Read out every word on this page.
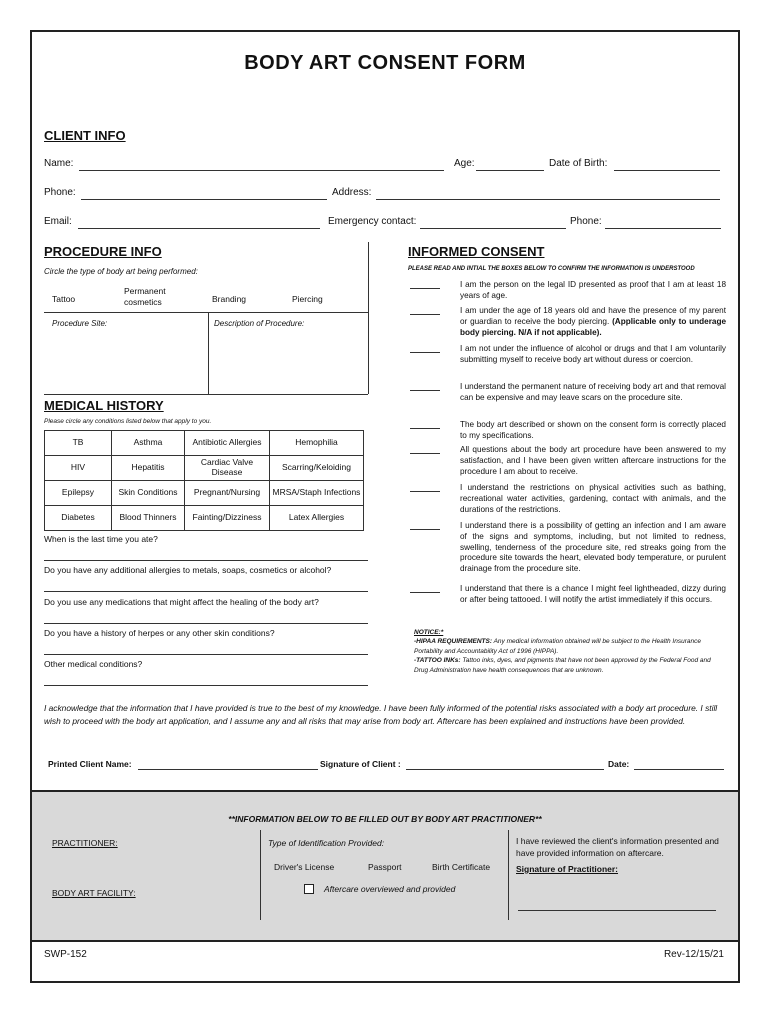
BODY ART CONSENT FORM
CLIENT INFO
Name:	Age:	Date of Birth:
Phone:	Address:
Email:	Emergency contact:	Phone:
PROCEDURE INFO
Circle the type of body art being performed:
Tattoo
Permanent cosmetics	Branding	Piercing
Procedure Site:	Description of Procedure:
MEDICAL HISTORY
Please circle any conditions listed below that apply to you.
TB	Asthma	Antibiotic Allergies	Hemophilia
HIV	Hepatitis	Cardiac Valve Disease	Scarring/Keloiding
Epilepsy	Skin Conditions	Pregnant/Nursing	MRSA/Staph Infections
Diabetes	Blood Thinners	Fainting/Dizziness	Latex Allergies
When is the last time you ate?
Do you have any additional allergies to metals, soaps, cosmetics or alcohol?
Do you use any medications that might affect the healing of the body art?
Do you have a history of herpes or any other skin conditions?
Other medical conditions?
INFORMED CONSENT
PLEASE READ AND INTIAL THE BOXES BELOW TO CONFIRM THE INFORMATION IS UNDERSTOOD
I am the person on the legal ID presented as proof that I am at least 18 years of age.
I am under the age of 18 years old and have the presence of my parent or guardian to receive the body piercing. (Applicable only to underage body piercing. N/A if not applicable).
I am not under the influence of alcohol or drugs and that I am voluntarily submitting myself to receive body art without duress or coercion.
I understand the permanent nature of receiving body art and that removal can be expensive and may leave scars on the procedure site.
The body art described or shown on the consent form is correctly placed to my specifications.
All questions about the body art procedure have been answered to my satisfaction, and I have been given written aftercare instructions for the procedure I am about to receive.
I understand the restrictions on physical activities such as bathing, recreational water activities, gardening, contact with animals, and the durations of the restrictions.
I understand there is a possibility of getting an infection and I am aware of the signs and symptoms, including, but not limited to redness, swelling, tenderness of the procedure site, red streaks going from the procedure site towards the heart, elevated body temperature, or purulent drainage from the procedure site.
I understand that there is a chance I might feel lightheaded, dizzy during or after being tattooed. I will notify the artist immediately if this occurs.
NOTICE:*
-HIPAA REQUIREMENTS: Any medical information obtained will be subject to the Health Insurance Portability and Accountability Act of 1996 (HIPPA).
-TATTOO INKs: Tattoo inks, dyes, and pigments that have not been approved by the Federal Food and Drug Administration have health consequences that are unknown.
I acknowledge that the information that I have provided is true to the best of my knowledge. I have been fully informed of the potential risks associated with a body art procedure. I still wish to proceed with the body art application, and I assume any and all risks that may arise from body art. Aftercare has been explained and instructions have been provided.
Printed Client Name:	Signature of Client :	Date:
**INFORMATION BELOW TO BE FILLED OUT BY BODY ART PRACTITIONER**
PRACTITIONER:
BODY ART FACILITY:
Type of Identification Provided:
Driver's License	Passport	Birth Certificate
Aftercare overviewed and provided
I have reviewed the client's information presented and have provided information on aftercare.
Signature of Practitioner:
SWP-152	Rev-12/15/21
